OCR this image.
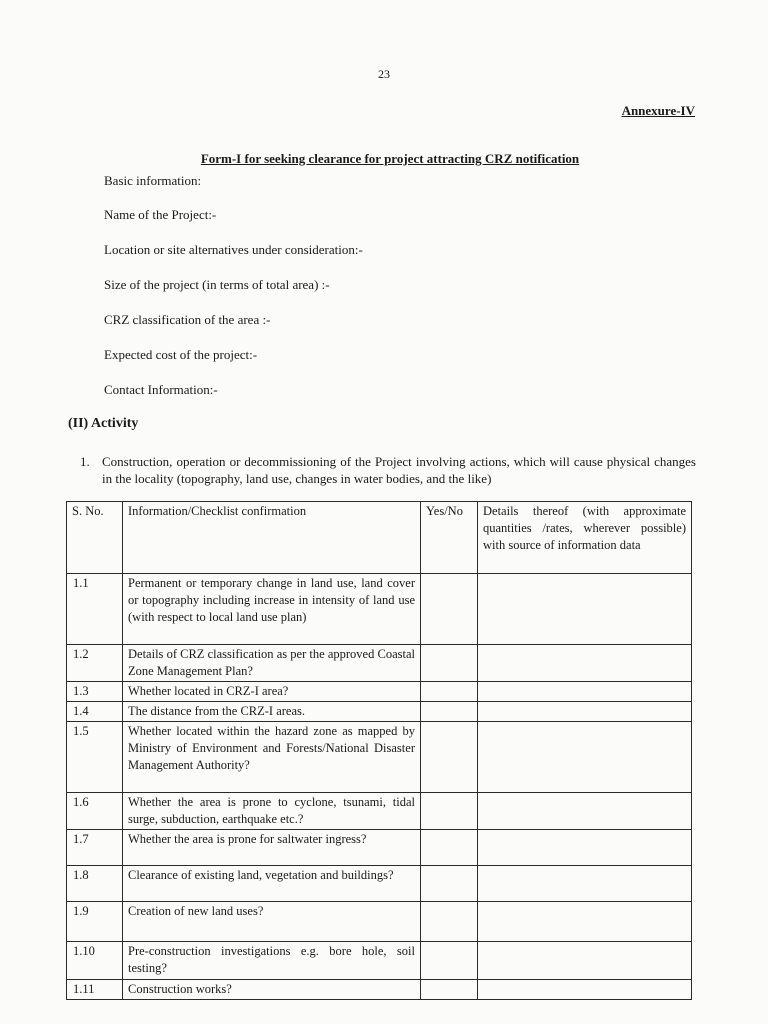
23
Annexure-IV
Form-I for seeking clearance for project attracting CRZ notification
Basic information:
Name of the Project:-
Location or site alternatives under consideration:-
Size of the project (in terms of total area) :-
CRZ classification of the area :-
Expected cost of the project:-
Contact Information:-
(II) Activity
1. Construction, operation or decommissioning of the Project involving actions, which will cause physical changes in the locality (topography, land use, changes in water bodies, and the like)
S. No.	Information/Checklist confirmation	Yes/No	Details thereof (with approximate quantities /rates, wherever possible) with source of information data
1.1	Permanent or temporary change in land use, land cover or topography including increase in intensity of land use (with respect to local land use plan)		
1.2	Details of CRZ classification as per the approved Coastal Zone Management Plan?		
1.3	Whether located in CRZ-I area?		
1.4	The distance from the CRZ-I areas.		
1.5	Whether located within the hazard zone as mapped by Ministry of Environment and Forests/National Disaster Management Authority?		
1.6	Whether the area is prone to cyclone, tsunami, tidal surge, subduction, earthquake etc.?		
1.7	Whether the area is prone for saltwater ingress?		
1.8	Clearance of existing land, vegetation and buildings?		
1.9	Creation of new land uses?		
1.10	Pre-construction investigations e.g. bore hole, soil testing?		
1.11	Construction works?		
